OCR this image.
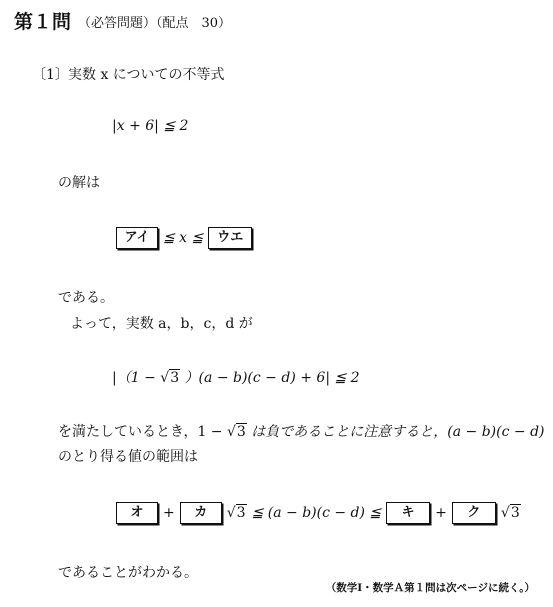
第１問 （必答問題）（配点　30）
〔1〕 実数 x についての不等式
|x + 6| ≦ 2
の解は
アイ ≦ x ≦	ウエ
である。
よって，実数 a，b，c，d が
|（1 − √3 ）(a − b)(c − d) + 6| ≦ 2
を満たしているとき，1 − √3 は負であることに注意すると，(a − b)(c − d)
のとり得る値の範囲は
オ	+	カ	√3 ≦ (a − b)(c − d) ≦	キ	+	ク	√3
であることがわかる。
（数学Ⅰ・数学Ａ第１問は次ページに続く。）
